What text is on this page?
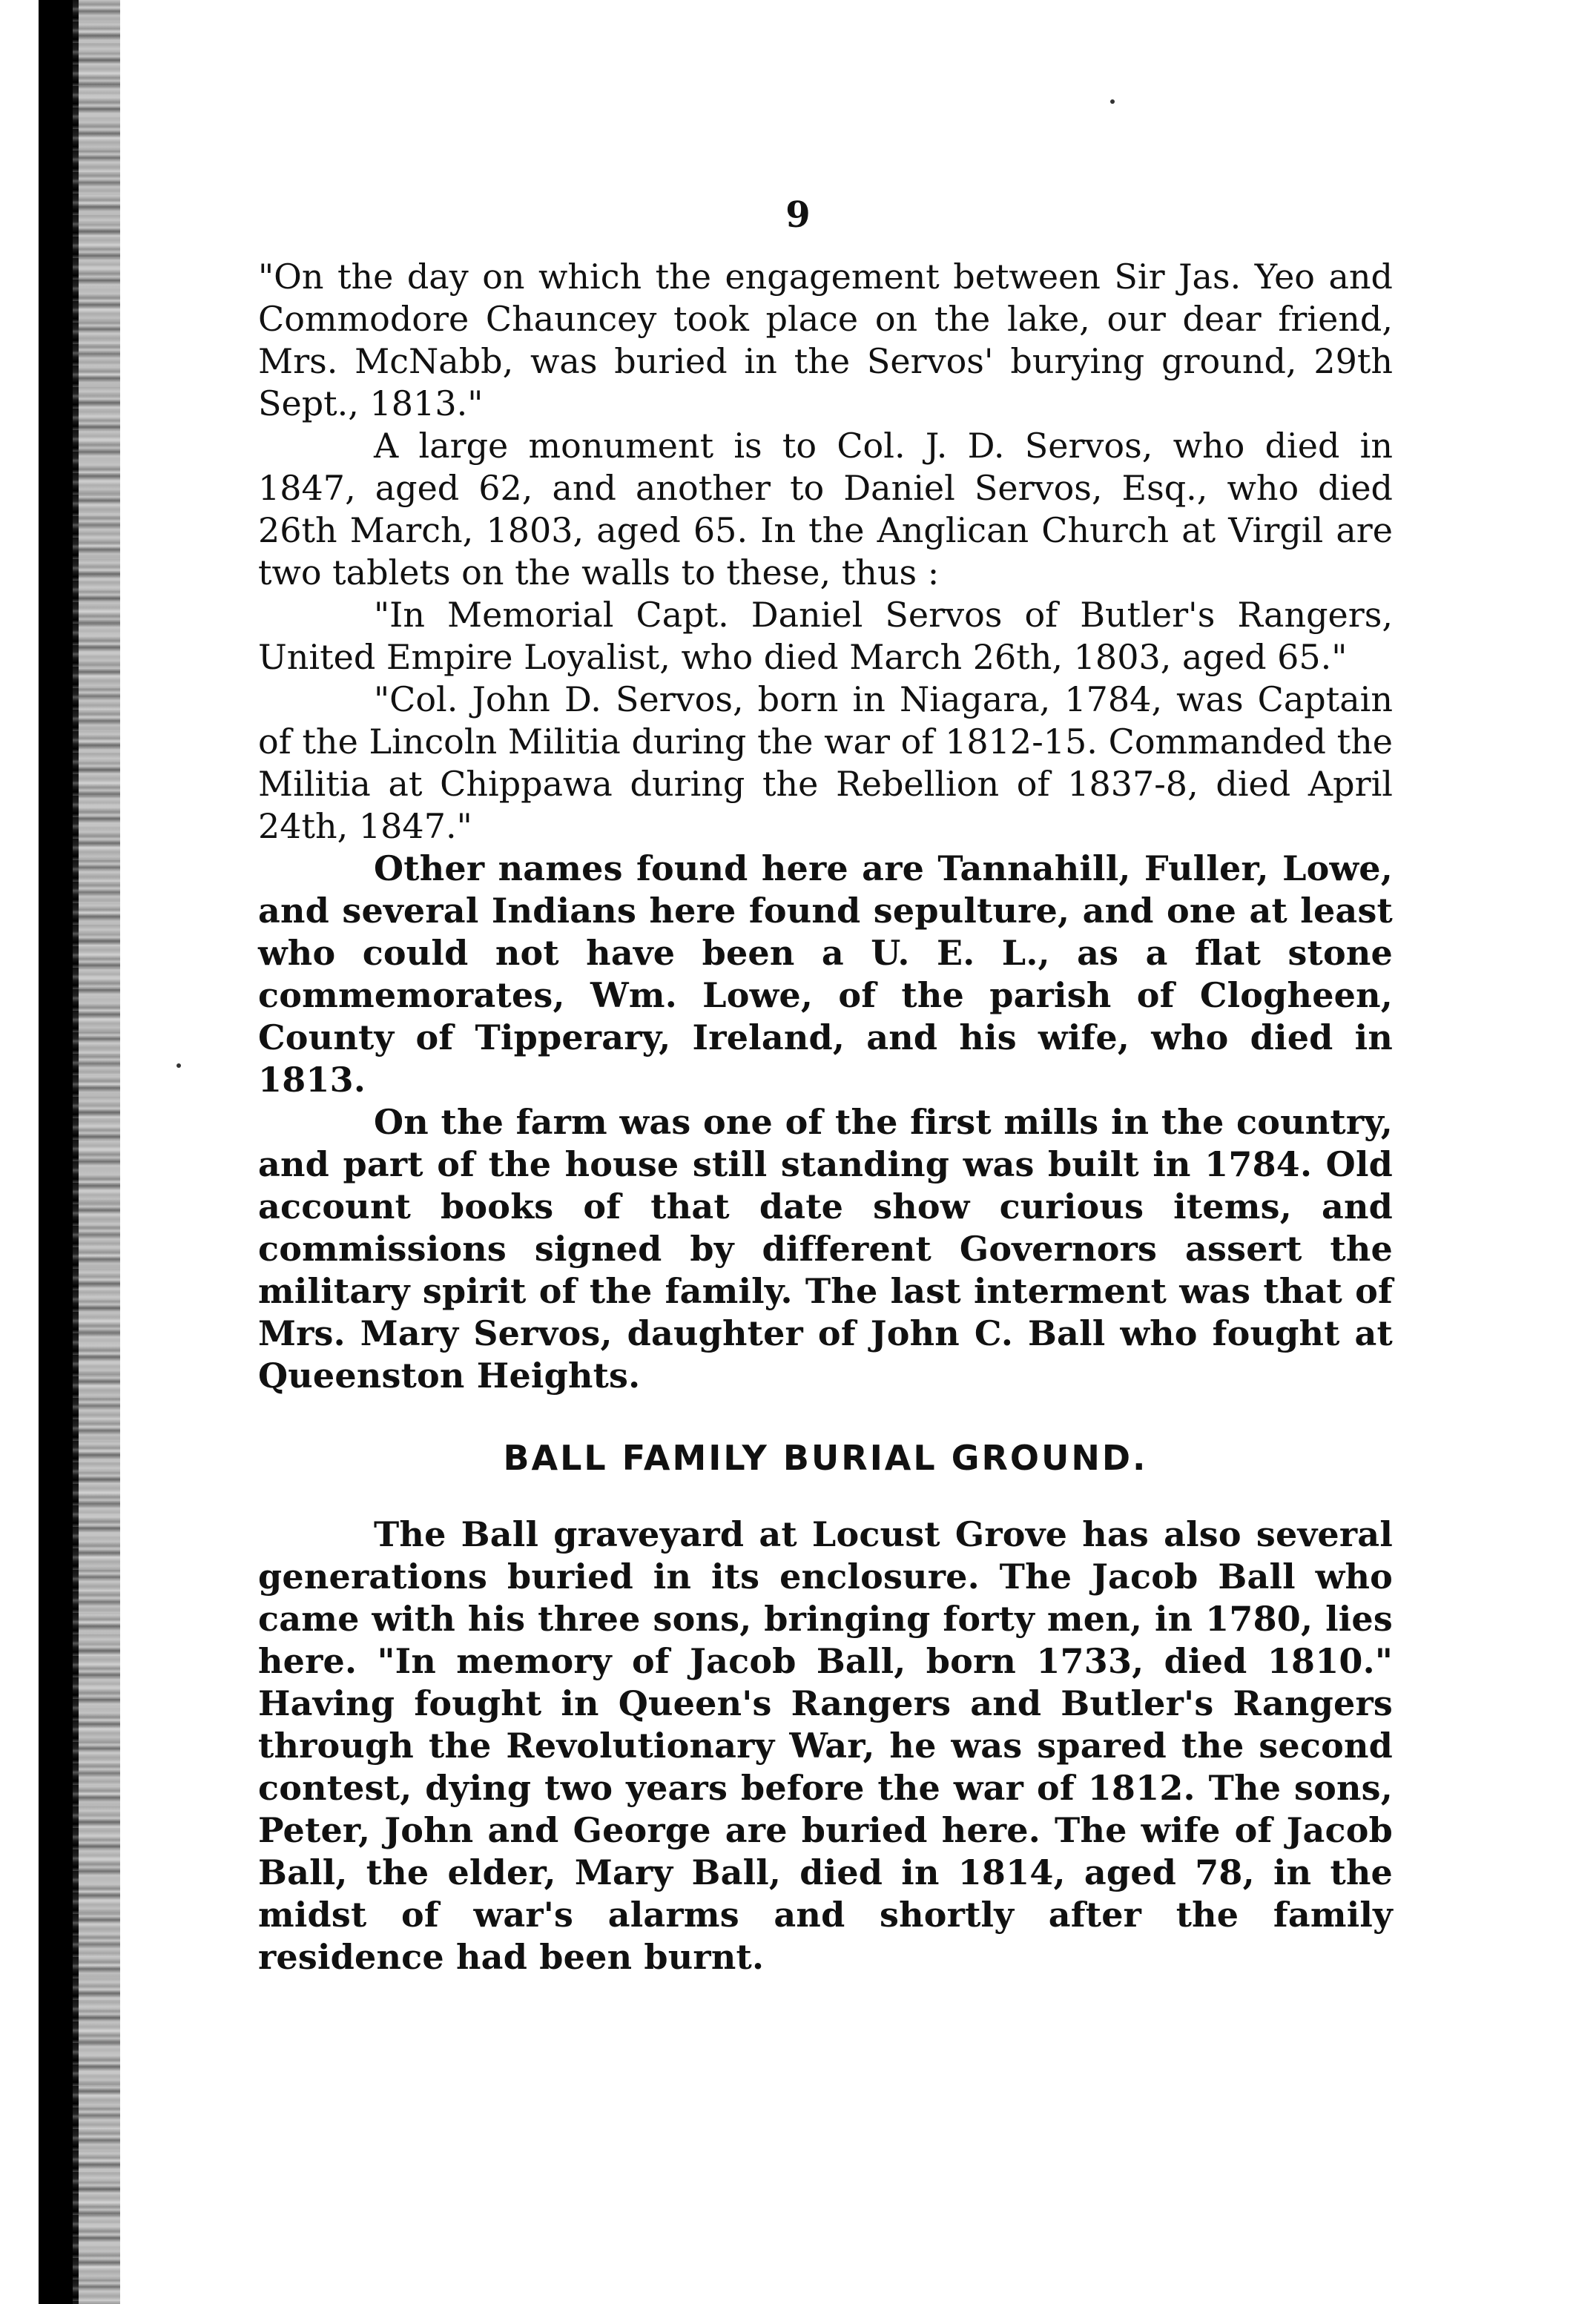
9

"On the day on which the engagement between Sir Jas. Yeo and Commodore Chauncey took place on the lake, our dear friend, Mrs. McNabb, was buried in the Servos' burying ground, 29th Sept., 1813."

A large monument is to Col. J. D. Servos, who died in 1847, aged 62, and another to Daniel Servos, Esq., who died 26th March, 1803, aged 65. In the Anglican Church at Virgil are two tablets on the walls to these, thus :

"In Memorial Capt. Daniel Servos of Butler's Rangers, United Empire Loyalist, who died March 26th, 1803, aged 65."

"Col. John D. Servos, born in Niagara, 1784, was Captain of the Lincoln Militia during the war of 1812-15. Commanded the Militia at Chippawa during the Rebellion of 1837-8, died April 24th, 1847."

Other names found here are Tannahill, Fuller, Lowe, and several Indians here found sepulture, and one at least who could not have been a U. E. L., as a flat stone commemorates, Wm. Lowe, of the parish of Clogheen, County of Tipperary, Ireland, and his wife, who died in 1813.

On the farm was one of the first mills in the country, and part of the house still standing was built in 1784. Old account books of that date show curious items, and commissions signed by different Governors assert the military spirit of the family. The last interment was that of Mrs. Mary Servos, daughter of John C. Ball who fought at Queenston Heights.

BALL FAMILY BURIAL GROUND.

The Ball graveyard at Locust Grove has also several generations buried in its enclosure. The Jacob Ball who came with his three sons, bringing forty men, in 1780, lies here. "In memory of Jacob Ball, born 1733, died 1810." Having fought in Queen's Rangers and Butler's Rangers through the Revolutionary War, he was spared the second contest, dying two years before the war of 1812. The sons, Peter, John and George are buried here. The wife of Jacob Ball, the elder, Mary Ball, died in 1814, aged 78, in the midst of war's alarms and shortly after the family residence had been burnt.
